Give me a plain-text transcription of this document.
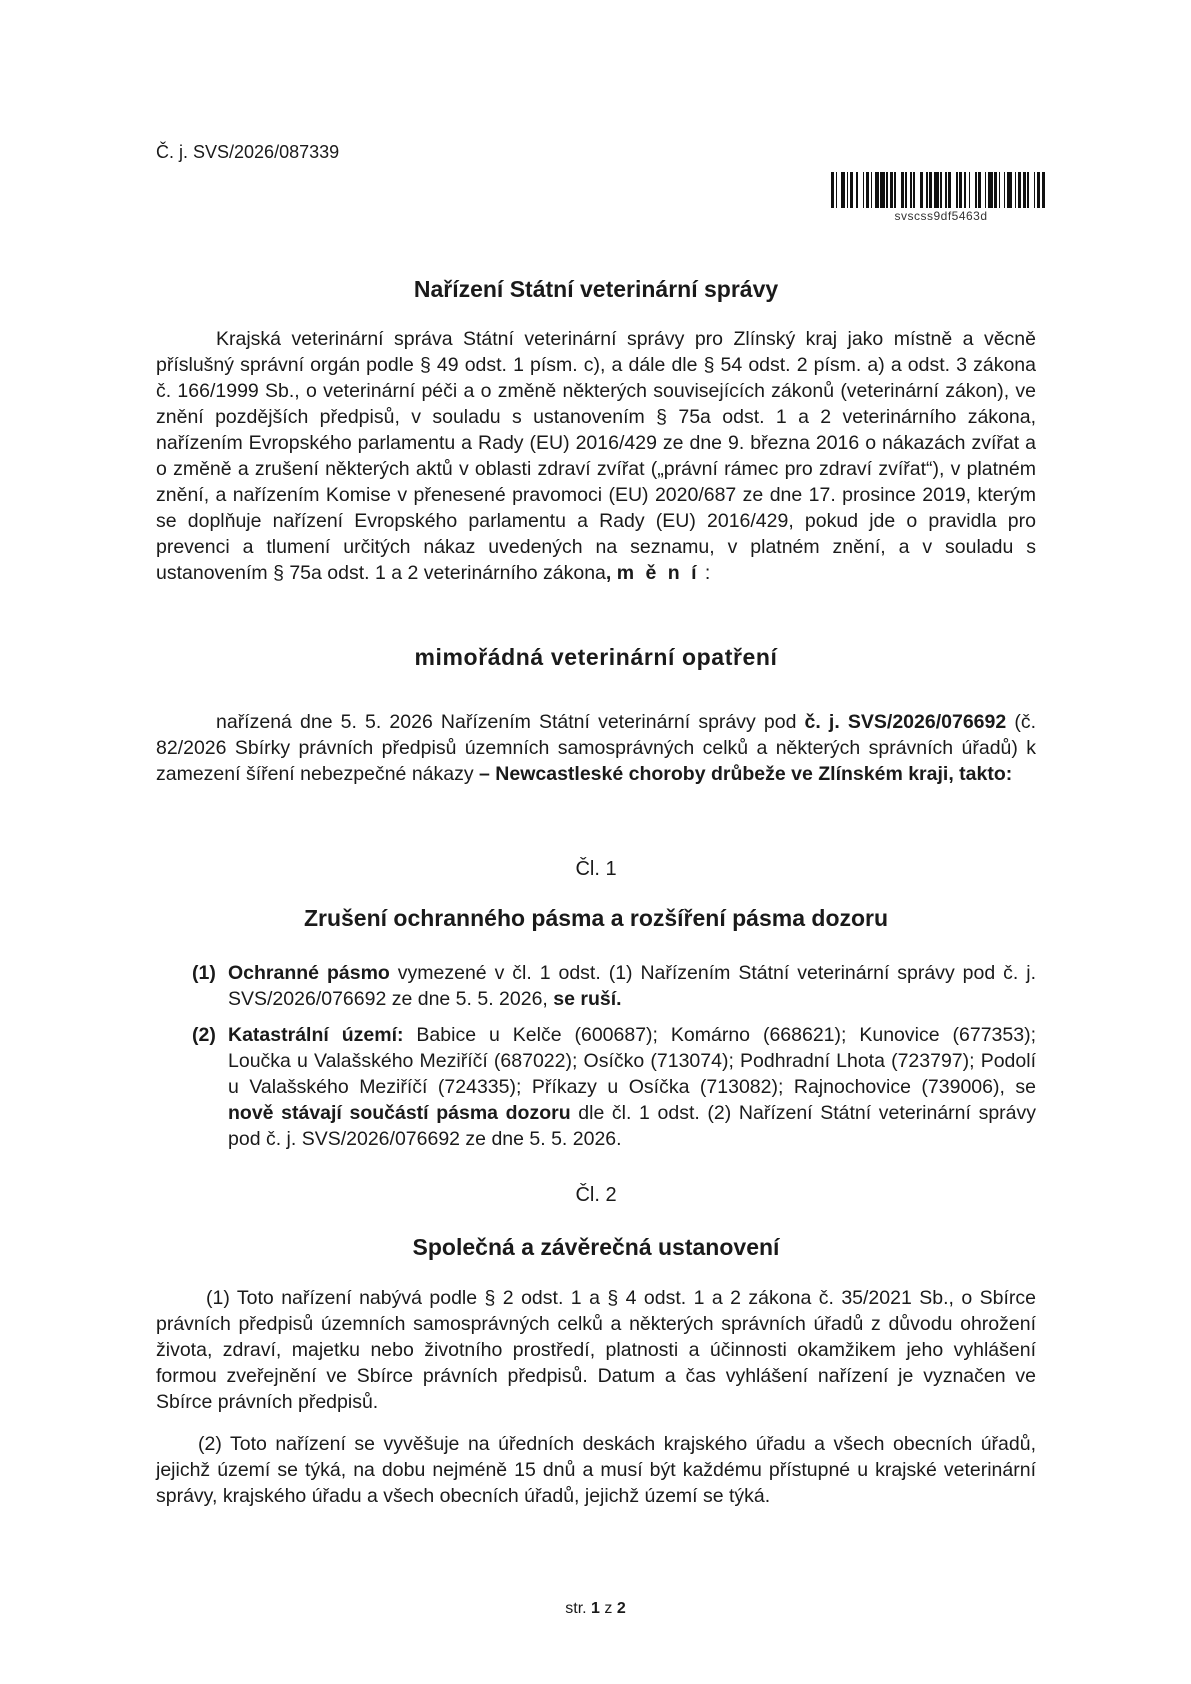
Č. j. SVS/2026/087339
svscss9df5463d
Nařízení Státní veterinární správy
Krajská veterinární správa Státní veterinární správy pro Zlínský kraj jako místně a věcně příslušný správní orgán podle § 49 odst. 1 písm. c), a dále dle § 54 odst. 2 písm. a) a odst. 3 zákona č. 166/1999 Sb., o veterinární péči a o změně některých souvisejících zákonů (veterinární zákon), ve znění pozdějších předpisů, v souladu s ustanovením § 75a odst. 1 a 2 veterinárního zákona, nařízením Evropského parlamentu a Rady (EU) 2016/429 ze dne 9. března 2016 o nákazách zvířat a o změně a zrušení některých aktů v oblasti zdraví zvířat („právní rámec pro zdraví zvířat“), v platném znění, a nařízením Komise v přenesené pravomoci (EU) 2020/687 ze dne 17. prosince 2019, kterým se doplňuje nařízení Evropského parlamentu a Rady (EU) 2016/429, pokud jde o pravidla pro prevenci a tlumení určitých nákaz uvedených na seznamu, v platném znění, a v souladu s ustanovením § 75a odst. 1 a 2 veterinárního zákona, m ě n í :
mimořádná veterinární opatření
nařízená dne 5. 5. 2026 Nařízením Státní veterinární správy pod č. j. SVS/2026/076692 (č. 82/2026 Sbírky právních předpisů územních samosprávných celků a některých správních úřadů) k zamezení šíření nebezpečné nákazy – Newcastleské choroby drůbeže ve Zlínském kraji, takto:
Čl. 1
Zrušení ochranného pásma a rozšíření pásma dozoru
(1) Ochranné pásmo vymezené v čl. 1 odst. (1) Nařízením Státní veterinární správy pod č. j. SVS/2026/076692 ze dne 5. 5. 2026, se ruší.
(2) Katastrální území: Babice u Kelče (600687); Komárno (668621); Kunovice (677353); Loučka u Valašského Meziříčí (687022); Osíčko (713074); Podhradní Lhota (723797); Podolí u Valašského Meziříčí (724335); Příkazy u Osíčka (713082); Rajnochovice (739006), se nově stávají součástí pásma dozoru dle čl. 1 odst. (2) Nařízení Státní veterinární správy pod č. j. SVS/2026/076692 ze dne 5. 5. 2026.
Čl. 2
Společná a závěrečná ustanovení
(1) Toto nařízení nabývá podle § 2 odst. 1 a § 4 odst. 1 a 2 zákona č. 35/2021 Sb., o Sbírce právních předpisů územních samosprávných celků a některých správních úřadů z důvodu ohrožení života, zdraví, majetku nebo životního prostředí, platnosti a účinnosti okamžikem jeho vyhlášení formou zveřejnění ve Sbírce právních předpisů. Datum a čas vyhlášení nařízení je vyznačen ve Sbírce právních předpisů.
(2) Toto nařízení se vyvěšuje na úředních deskách krajského úřadu a všech obecních úřadů, jejichž území se týká, na dobu nejméně 15 dnů a musí být každému přístupné u krajské veterinární správy, krajského úřadu a všech obecních úřadů, jejichž území se týká.
str. 1 z 2
